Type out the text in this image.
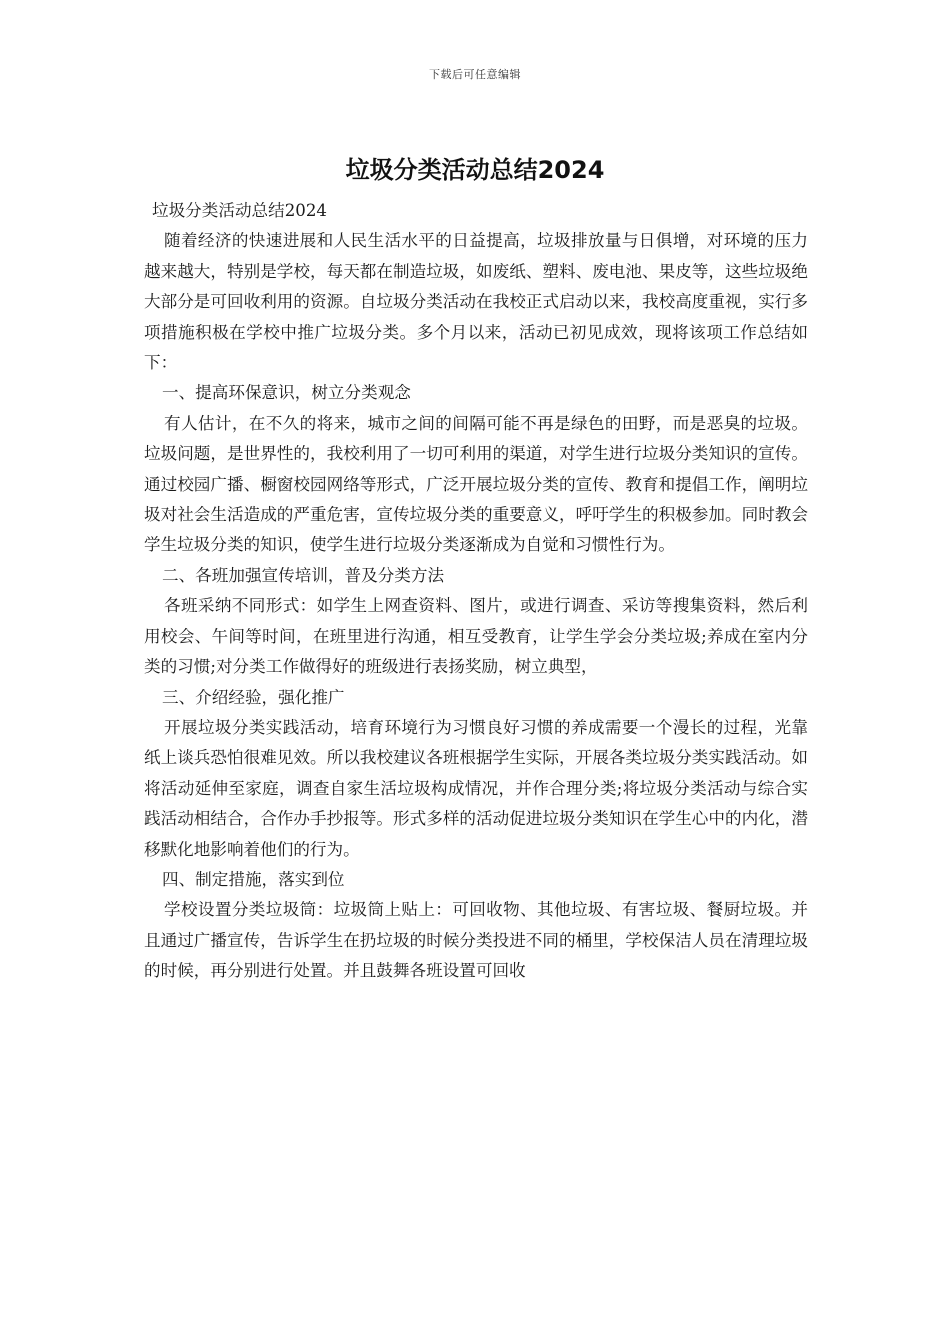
下载后可任意编辑
垃圾分类活动总结2024

垃圾分类活动总结2024

随着经济的快速进展和人民生活水平的日益提高，垃圾排放量与日俱增，对环境的压力越来越大，特别是学校，每天都在制造垃圾，如废纸、塑料、废电池、果皮等，这些垃圾绝大部分是可回收利用的资源。自垃圾分类活动在我校正式启动以来，我校高度重视，实行多项措施积极在学校中推广垃圾分类。多个月以来，活动已初见成效，现将该项工作总结如下：

一、提高环保意识，树立分类观念

有人估计，在不久的将来，城市之间的间隔可能不再是绿色的田野，而是恶臭的垃圾。垃圾问题，是世界性的，我校利用了一切可利用的渠道，对学生进行垃圾分类知识的宣传。通过校园广播、橱窗校园网络等形式，广泛开展垃圾分类的宣传、教育和提倡工作，阐明垃圾对社会生活造成的严重危害，宣传垃圾分类的重要意义，呼吁学生的积极参加。同时教会学生垃圾分类的知识，使学生进行垃圾分类逐渐成为自觉和习惯性行为。

二、各班加强宣传培训，普及分类方法

各班采纳不同形式：如学生上网查资料、图片，或进行调查、采访等搜集资料，然后利用校会、午间等时间，在班里进行沟通，相互受教育，让学生学会分类垃圾;养成在室内分类的习惯;对分类工作做得好的班级进行表扬奖励，树立典型，

三、介绍经验，强化推广

开展垃圾分类实践活动，培育环境行为习惯良好习惯的养成需要一个漫长的过程，光靠纸上谈兵恐怕很难见效。所以我校建议各班根据学生实际，开展各类垃圾分类实践活动。如将活动延伸至家庭，调查自家生活垃圾构成情况，并作合理分类;将垃圾分类活动与综合实践活动相结合，合作办手抄报等。形式多样的活动促进垃圾分类知识在学生心中的内化，潜移默化地影响着他们的行为。

四、制定措施，落实到位

学校设置分类垃圾筒：垃圾筒上贴上：可回收物、其他垃圾、有害垃圾、餐厨垃圾。并且通过广播宣传，告诉学生在扔垃圾的时候分类投进不同的桶里，学校保洁人员在清理垃圾的时候，再分别进行处置。并且鼓舞各班设置可回收
